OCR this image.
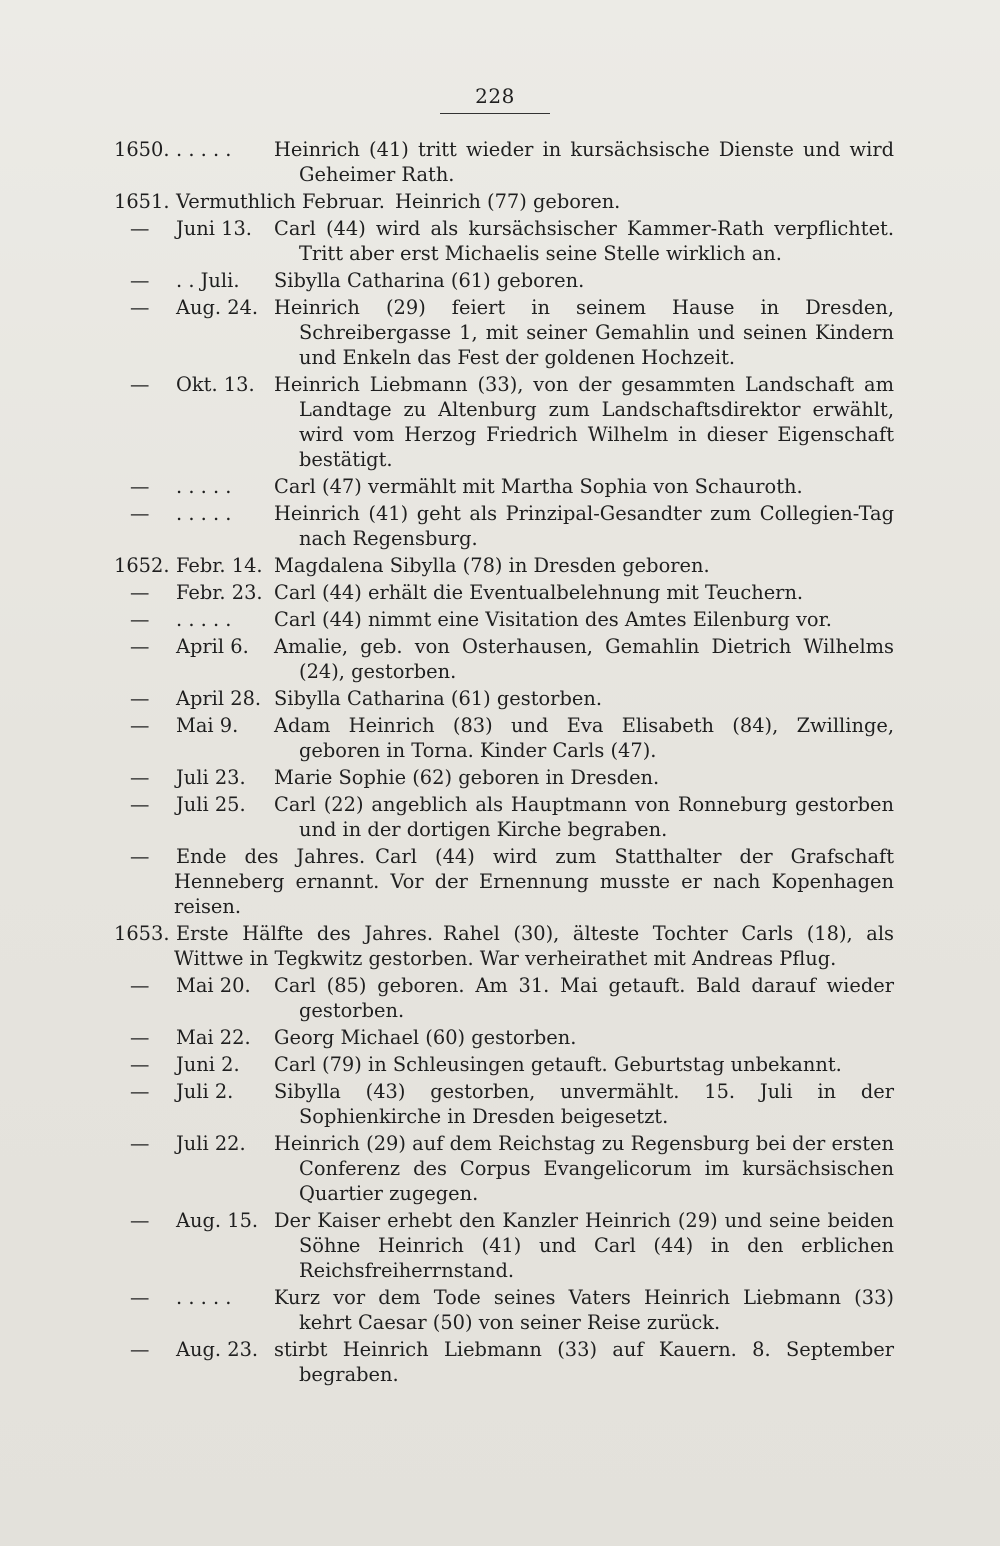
228
1650. . . . . .	Heinrich (41) tritt wieder in kursächsische Dienste und wird Geheimer Rath.
1651. Vermuthlich Februar. Heinrich (77) geboren.
—	Juni 13.	Carl (44) wird als kursächsischer Kammer-Rath verpflichtet. Tritt aber erst Michaelis seine Stelle wirklich an.
—	. . Juli.	Sibylla Catharina (61) geboren.
—	Aug. 24. Heinrich (29) feiert in seinem Hause in Dresden, Schreibergasse 1, mit seiner Gemahlin und seinen Kindern und Enkeln das Fest der goldenen Hochzeit.
—	Okt. 13. Heinrich Liebmann (33), von der gesammten Landschaft am Landtage zu Altenburg zum Landschaftsdirektor erwählt, wird vom Herzog Friedrich Wilhelm in dieser Eigenschaft bestätigt.
—	. . . . .	Carl (47) vermählt mit Martha Sophia von Schauroth.
—	. . . . .	Heinrich (41) geht als Prinzipal-Gesandter zum Collegien-Tag nach Regensburg.
1652. Febr. 14. Magdalena Sibylla (78) in Dresden geboren.
—	Febr. 23. Carl (44) erhält die Eventualbelehnung mit Teuchern.
—	. . . . .	Carl (44) nimmt eine Visitation des Amtes Eilenburg vor.
—	April 6.	Amalie, geb. von Osterhausen, Gemahlin Dietrich Wilhelms (24), gestorben.
—	April 28. Sibylla Catharina (61) gestorben.
—	Mai 9.	Adam Heinrich (83) und Eva Elisabeth (84), Zwillinge, geboren in Torna. Kinder Carls (47).
—	Juli 23.	Marie Sophie (62) geboren in Dresden.
—	Juli 25.	Carl (22) angeblich als Hauptmann von Ronneburg gestorben und in der dortigen Kirche begraben.
—	Ende des Jahres. Carl (44) wird zum Statthalter der Grafschaft Henneberg ernannt. Vor der Ernennung musste er nach Kopenhagen reisen.
1653. Erste Hälfte des Jahres. Rahel (30), älteste Tochter Carls (18), als Wittwe in Tegkwitz gestorben. War verheirathet mit Andreas Pflug.
—	Mai 20.	Carl (85) geboren. Am 31. Mai getauft. Bald darauf wieder gestorben.
—	Mai 22.	Georg Michael (60) gestorben.
—	Juni 2.	Carl (79) in Schleusingen getauft. Geburtstag unbekannt.
—	Juli 2.	Sibylla (43) gestorben, unvermählt. 15. Juli in der Sophienkirche in Dresden beigesetzt.
—	Juli 22.	Heinrich (29) auf dem Reichstag zu Regensburg bei der ersten Conferenz des Corpus Evangelicorum im kursächsischen Quartier zugegen.
—	Aug. 15. Der Kaiser erhebt den Kanzler Heinrich (29) und seine beiden Söhne Heinrich (41) und Carl (44) in den erblichen Reichsfreiherrnstand.
—	. . . . .	Kurz vor dem Tode seines Vaters Heinrich Liebmann (33) kehrt Caesar (50) von seiner Reise zurück.
—	Aug. 23. stirbt Heinrich Liebmann (33) auf Kauern. 8. September begraben.
